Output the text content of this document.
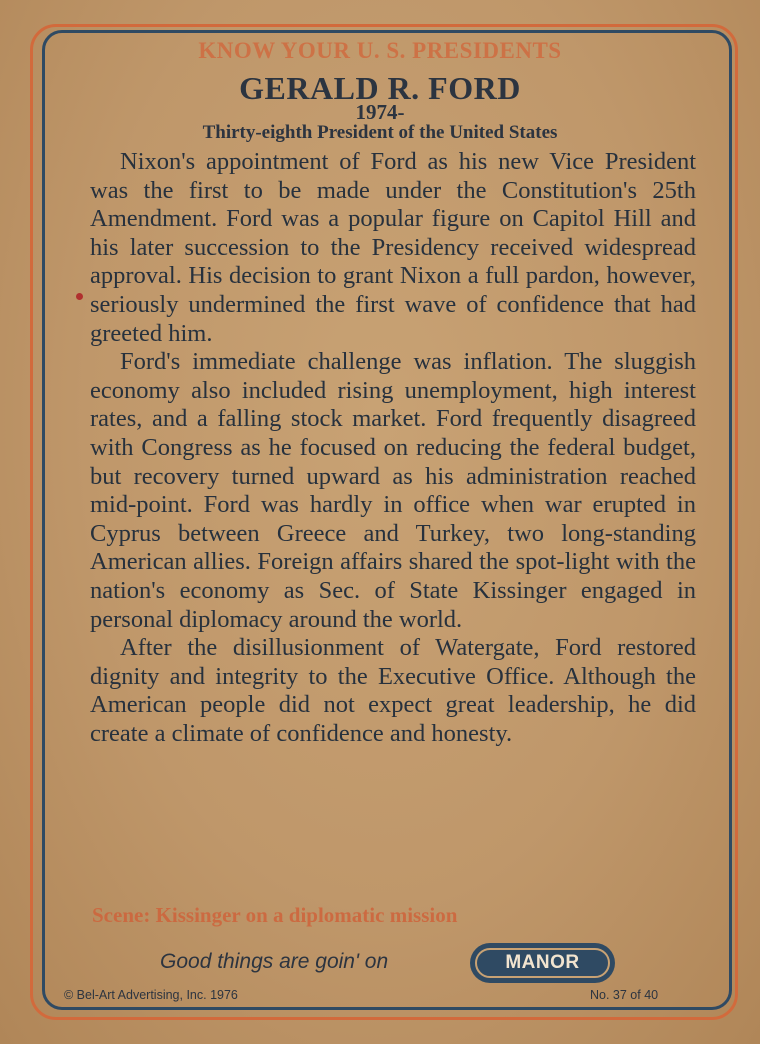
KNOW YOUR U. S. PRESIDENTS
GERALD R. FORD
1974-
Thirty-eighth President of the United States

Nixon's appointment of Ford as his new Vice President was the first to be made under the Constitution's 25th Amendment. Ford was a popular figure on Capitol Hill and his later succession to the Presidency received widespread approval. His decision to grant Nixon a full pardon, however, seriously undermined the first wave of confidence that had greeted him.

Ford's immediate challenge was inflation. The sluggish economy also included rising unemployment, high interest rates, and a falling stock market. Ford frequently disagreed with Congress as he focused on reducing the federal budget, but recovery turned upward as his administration reached mid-point. Ford was hardly in office when war erupted in Cyprus between Greece and Turkey, two long-standing American allies. Foreign affairs shared the spot-light with the nation's economy as Sec. of State Kissinger engaged in personal diplomacy around the world.

After the disillusionment of Watergate, Ford restored dignity and integrity to the Executive Office. Although the American people did not expect great leadership, he did create a climate of confidence and honesty.

Scene: Kissinger on a diplomatic mission
Good things are goin' on	MANOR
© Bel-Art Advertising, Inc. 1976	No. 37 of 40
